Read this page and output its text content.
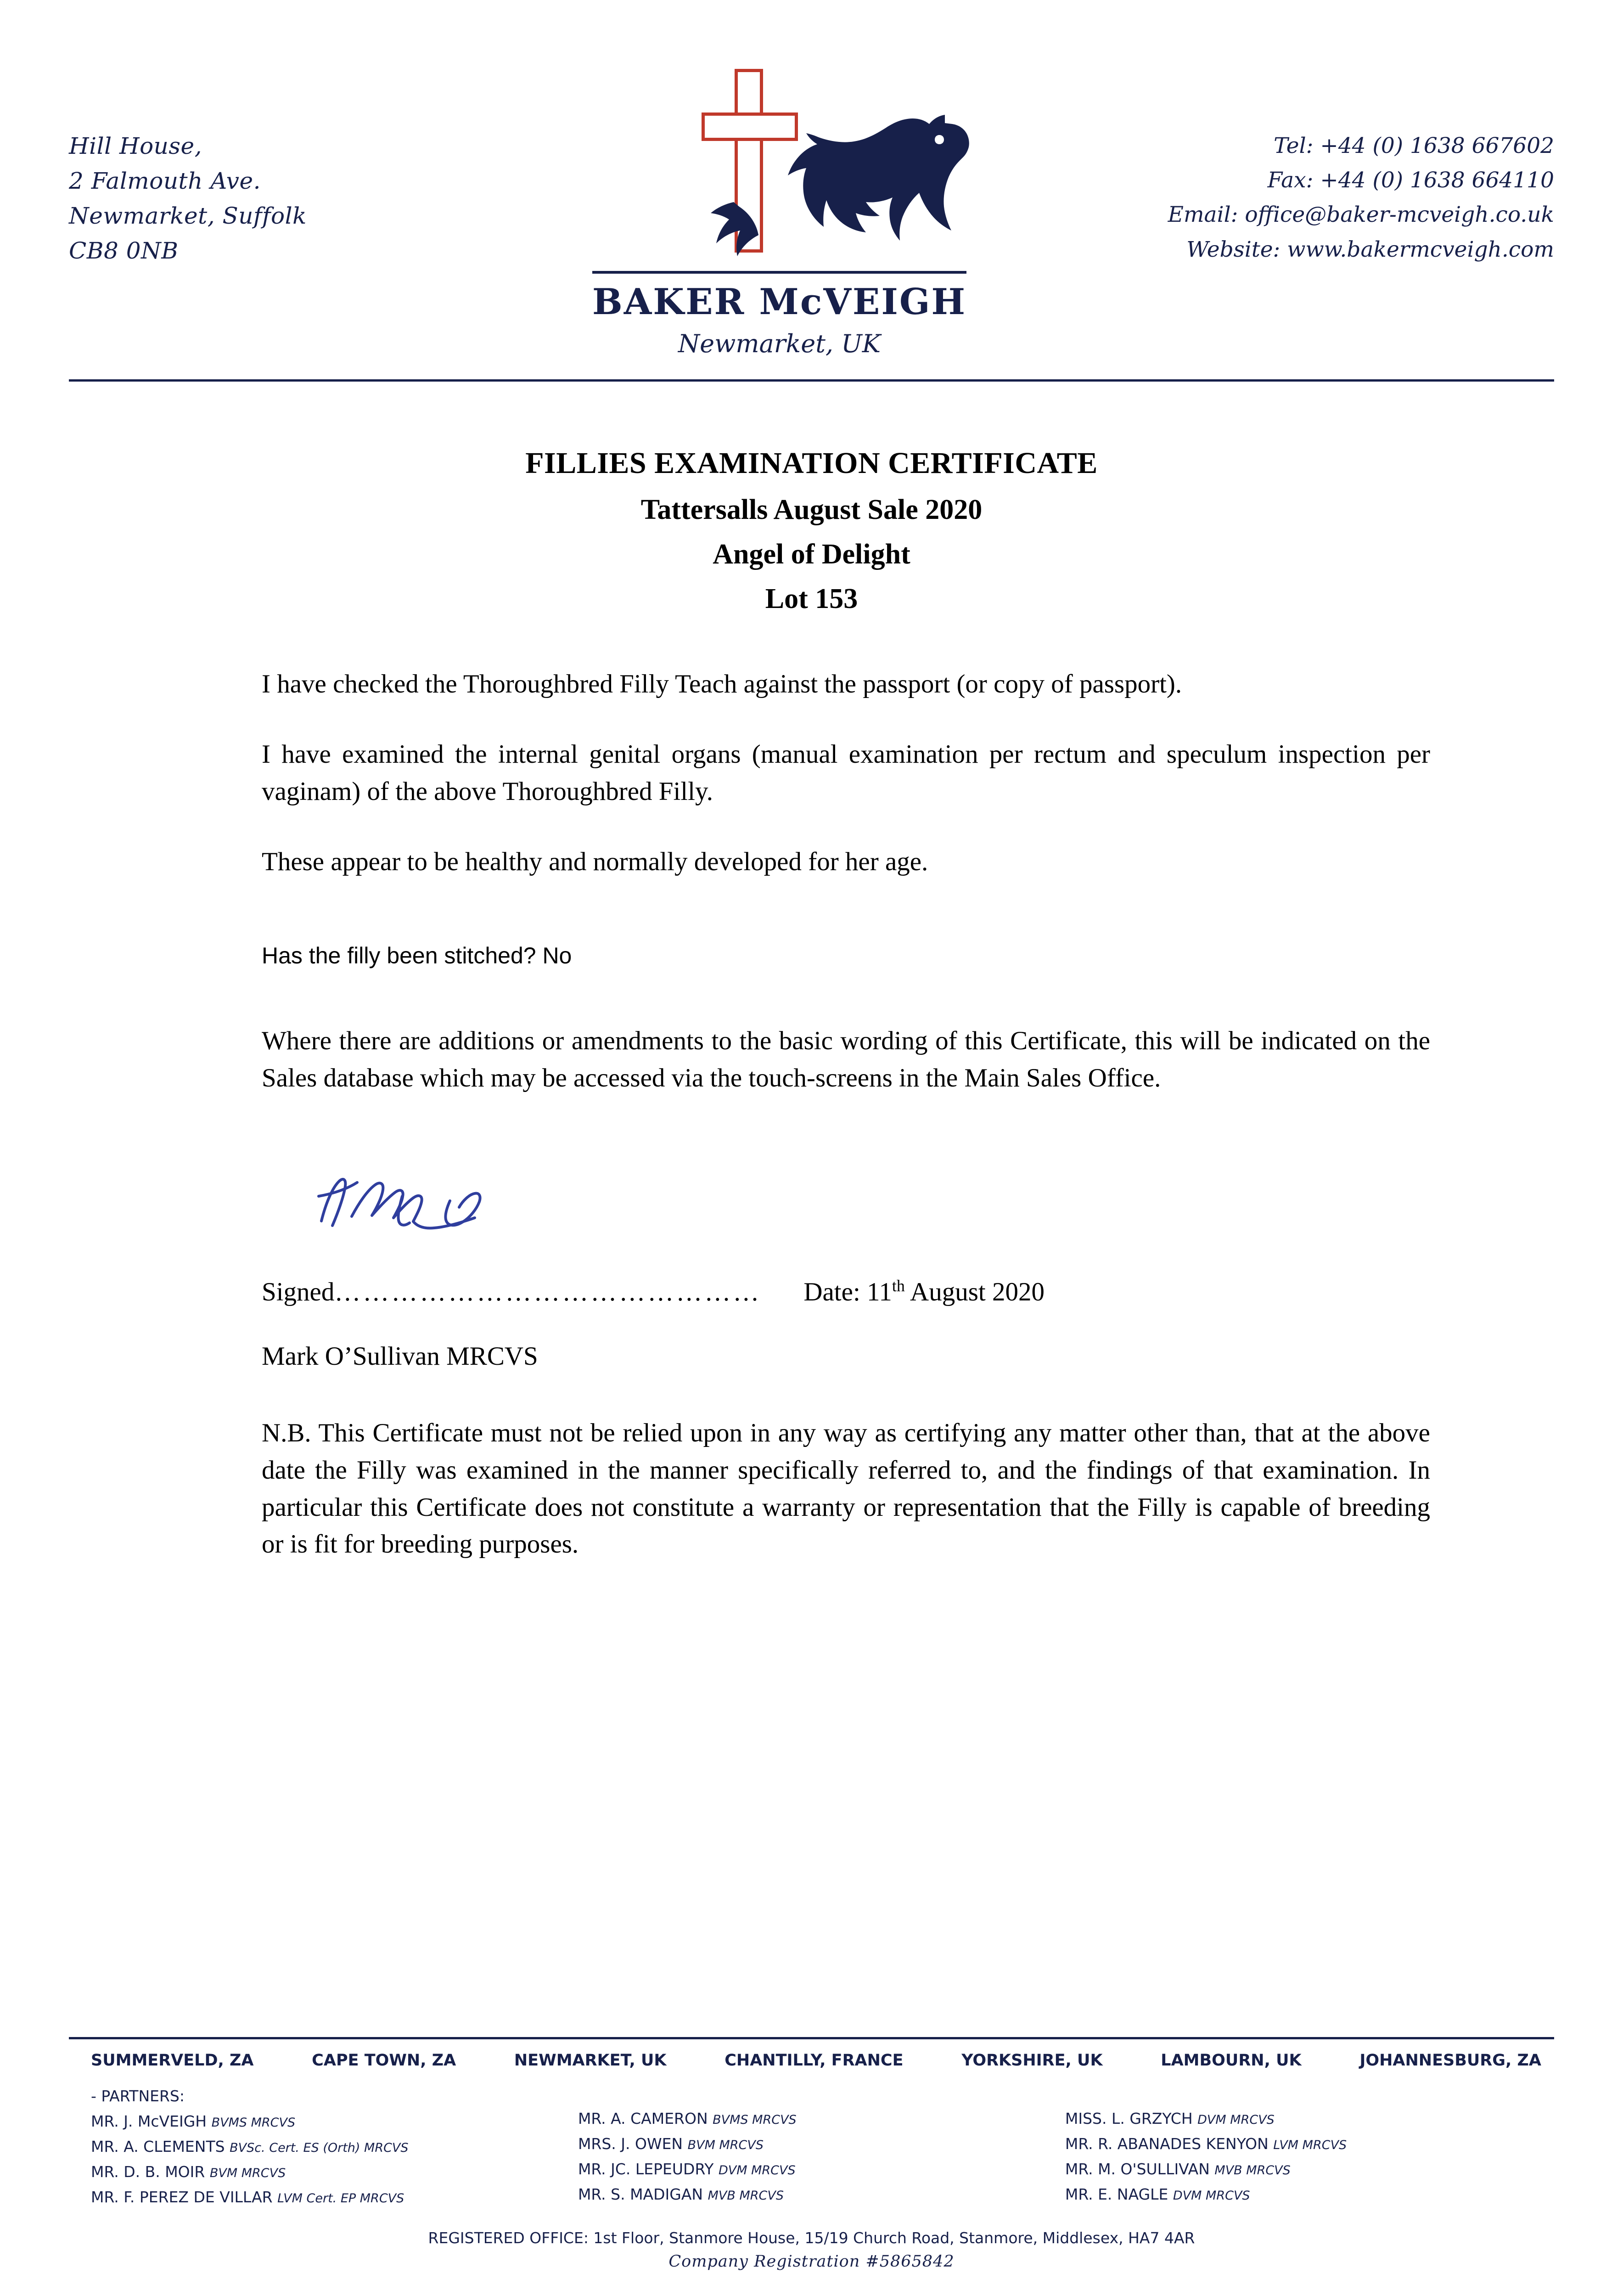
Hill House,
2 Falmouth Ave.
Newmarket, Suffolk
CB8 0NB
BAKER McVEIGH
Newmarket, UK
Tel: +44 (0) 1638 667602
Fax: +44 (0) 1638 664110
Email: office@baker-mcveigh.co.uk
Website: www.bakermcveigh.com
FILLIES EXAMINATION CERTIFICATE
Tattersalls August Sale 2020
Angel of Delight
Lot 153

I have checked the Thoroughbred Filly Teach against the passport (or copy of passport).

I have examined the internal genital organs (manual examination per rectum and speculum inspection per vaginam) of the above Thoroughbred Filly.

These appear to be healthy and normally developed for her age.

Has the filly been stitched? No

Where there are additions or amendments to the basic wording of this Certificate, this will be indicated on the Sales database which may be accessed via the touch-screens in the Main Sales Office.

Signed ……………………………………… Date: 11th August 2020
Mark O’Sullivan MRCVS
N.B. This Certificate must not be relied upon in any way as certifying any matter other than, that at the above date the Filly was examined in the manner specifically referred to, and the findings of that examination. In particular this Certificate does not constitute a warranty or representation that the Filly is capable of breeding or is fit for breeding purposes.
SUMMERVELD, ZA	CAPE TOWN, ZA	NEWMARKET, UK	CHANTILLY, FRANCE	YORKSHIRE, UK	LAMBOURN, UK	JOHANNESBURG, ZA
- PARTNERS:
MR. J. McVEIGH BVMS MRCVS
MR. A. CLEMENTS BVSc. Cert. ES (Orth) MRCVS
MR. D. B. MOIR BVM MRCVS
MR. F. PEREZ DE VILLAR LVM Cert. EP MRCVS
MR. A. CAMERON BVMS MRCVS
MRS. J. OWEN BVM MRCVS
MR. JC. LEPEUDRY DVM MRCVS
MR. S. MADIGAN MVB MRCVS
MISS. L. GRZYCH DVM MRCVS
MR. R. ABANADES KENYON LVM MRCVS
MR. M. O'SULLIVAN MVB MRCVS
MR. E. NAGLE DVM MRCVS
REGISTERED OFFICE: 1st Floor, Stanmore House, 15/19 Church Road, Stanmore, Middlesex, HA7 4AR
Company Registration #5865842
